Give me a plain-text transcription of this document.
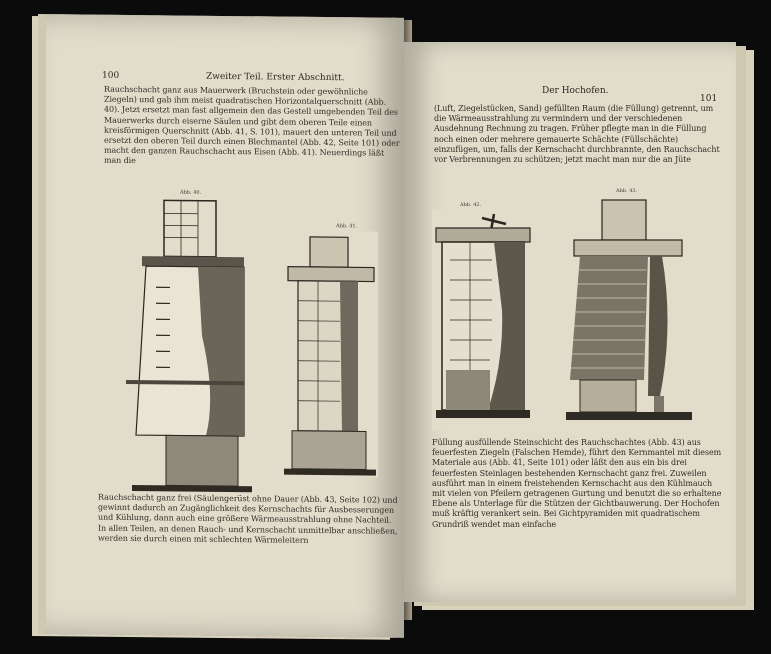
100	Zweiter Teil. Erster Abschnitt.
Rauchschacht ganz aus Mauerwerk (Bruchstein oder gewöhnliche Ziegeln) und gab ihm meist quadratischen Horizontalquerschnitt (Abb. 40). Jetzt ersetzt man fast allgemein den das Gestell umgebenden Teil des Mauerwerks durch eiserne Säulen und gibt dem oberen Teile einen kreisförmigen Querschnitt (Abb. 41, S. 101), mauert den unteren Teil und ersetzt den oberen Teil durch einen Blechmantel (Abb. 42, Seite 101) oder macht den ganzen Rauchschacht aus Eisen (Abb. 41). Neuerdings läßt man die
Abb. 40.
Abb. 41.
Rauchschacht ganz frei (Säulengerüst ohne Dauer (Abb. 43, Seite 102) und gewinnt dadurch an Zugänglichkeit des Kernschachts für Ausbesserungen und Kühlung, dann auch eine größere Wärmeausstrahlung ohne Nachteil. In allen Teilen, an denen Rauch- und Kernschacht unmittelbar anschließen, werden sie durch einen mit schlechten Wärmeleitern
Der Hochofen.
101
(Luft, Ziegelstücken, Sand) gefüllten Raum (die Füllung) getrennt, um die Wärmeausstrahlung zu vermindern und der verschiedenen Ausdehnung Rechnung zu tragen. Früher pflegte man in die Füllung noch einen oder mehrere gemauerte Schächte (Füllschächte) einzufügen, um, falls der Kernschacht durchbrannte, den Rauchschacht vor Verbrennungen zu schützen; jetzt macht man nur die an Jüte
Abb. 42.
Abb. 43.
Füllung ausfüllende Steinschicht des Rauchschachtes (Abb. 43) aus feuerfesten Ziegeln (Falschen Hemde), führt den Kernmantel mit diesem Materiale aus (Abb. 41, Seite 101) oder läßt den aus ein bis drei feuerfesten Steinlagen bestehenden Kernschacht ganz frei. Zuweilen ausführt man in einem freistehenden Kernschacht aus den Kühlmauch mit vielen von Pfeilern getragenen Gurtung und benutzt die so erhaltene Ebene als Unterlage für die Stützen der Gichtbauwerung. Der Hochofen muß kräftig verankert sein. Bei Gichtpyramiden mit quadratischem Grundriß wendet man einfache
